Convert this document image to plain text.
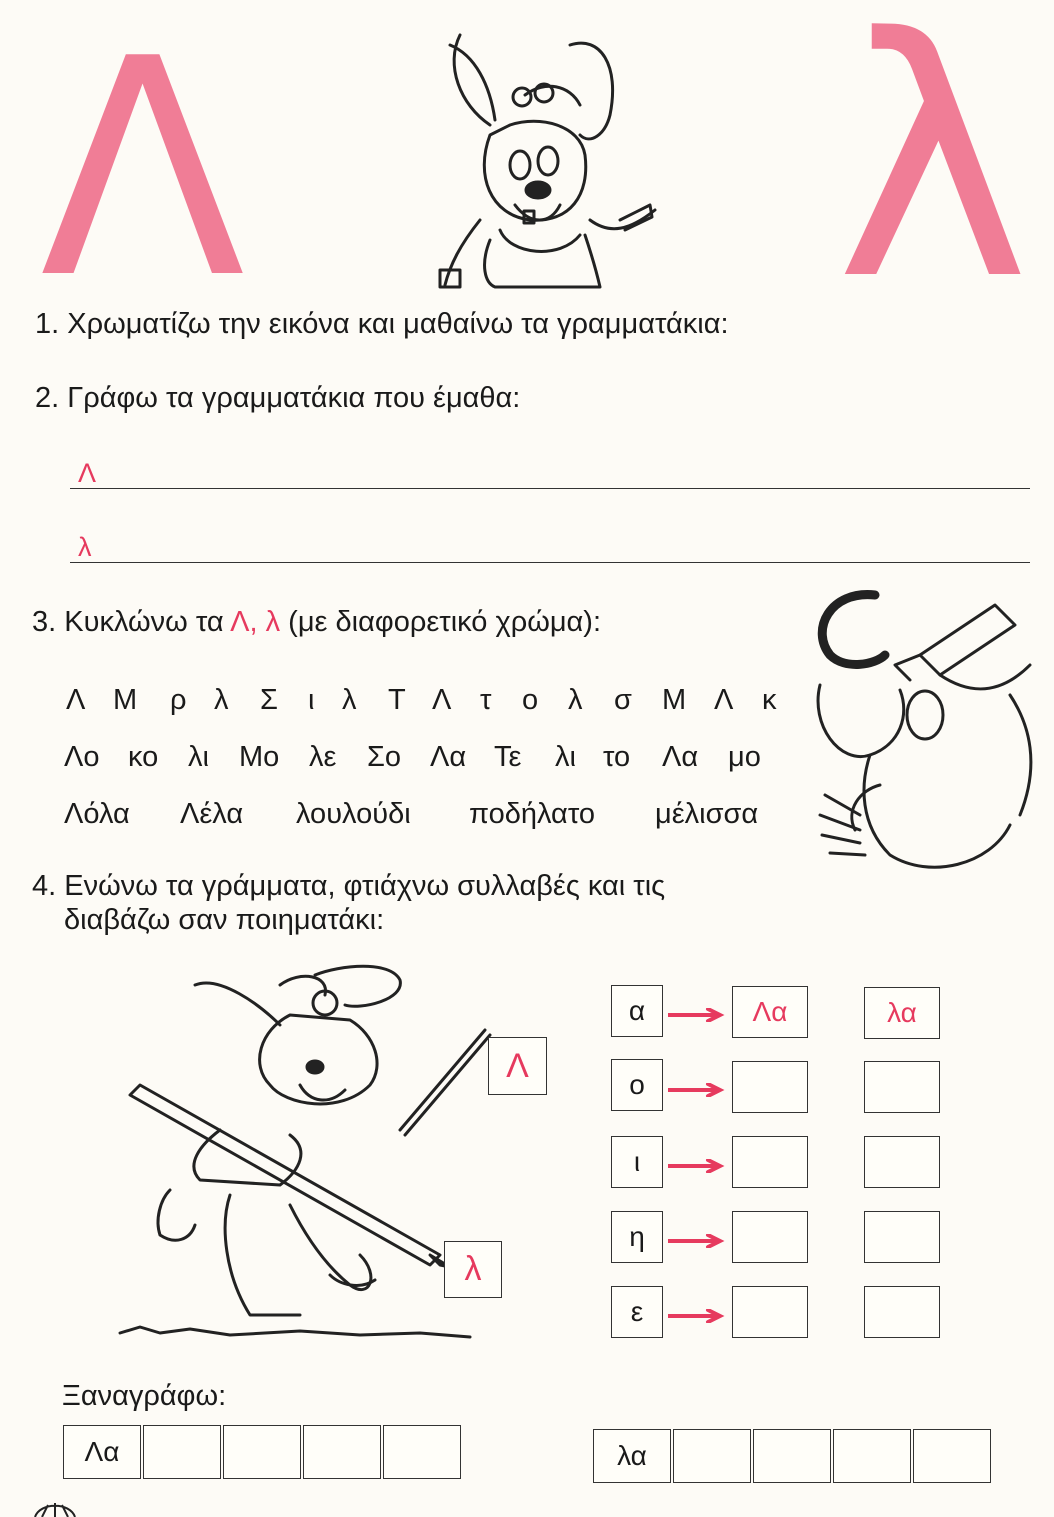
Λ λ
1. Χρωματίζω την εικόνα και μαθαίνω τα γραμματάκια:
2. Γράφω τα γραμματάκια που έμαθα:
Λ
λ
3. Κυκλώνω τα Λ, λ (με διαφορετικό χρώμα):
Λ Μ ρ λ Σ ι λ Τ Λ τ ο λ σ Μ Λ κ
Λο κο λι Μο λε Σο Λα Τε λι το Λα μο
Λόλα Λέλα λουλούδι ποδήλατο μέλισσα
4. Ενώνω τα γράμματα, φτιάχνω συλλαβές και τις
διαβάζω σαν ποιηματάκι:
Λ
λ
α	Λα	λα
ο
ι
η
ε
Ξαναγράφω:
Λα	λα
